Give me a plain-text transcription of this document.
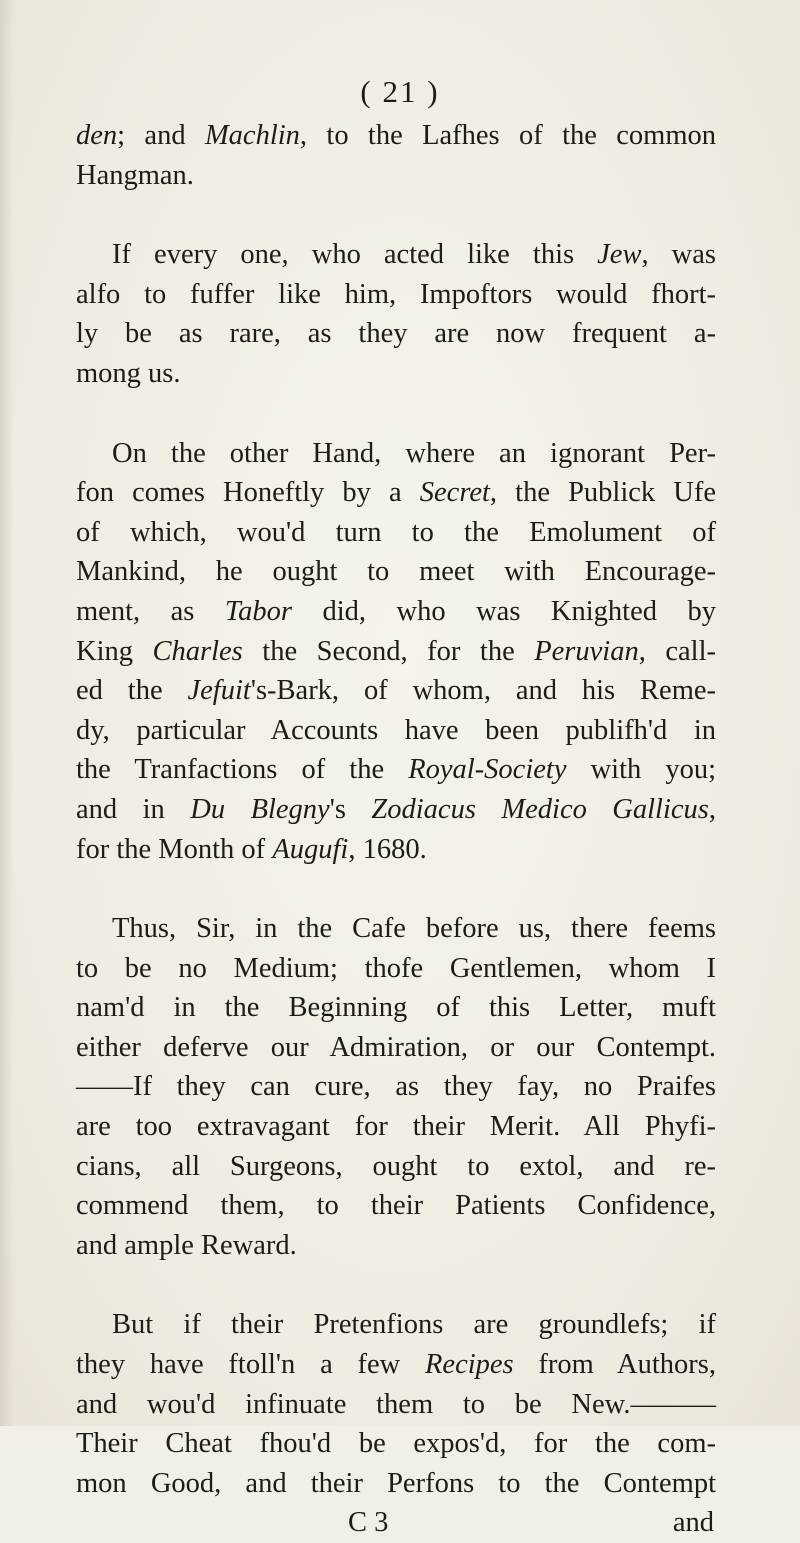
( 21 )

den; and Machlin, to the Lafhes of the common
Hangman.

If every one, who acted like this Jew, was
alfo to fuffer like him, Impoftors would fhort-
ly be as rare, as they are now frequent a-
mong us.

On the other Hand, where an ignorant Per-
fon comes Honeftly by a Secret, the Publick Ufe
of which, wou'd turn to the Emolument of
Mankind, he ought to meet with Encourage-
ment, as Tabor did, who was Knighted by
King Charles the Second, for the Peruvian, call-
ed the Jefuit's-Bark, of whom, and his Reme-
dy, particular Accounts have been publifh'd in
the Tranfactions of the Royal-Society with you;
and in Du Blegny's Zodiacus Medico Gallicus,
for the Month of Augufi, 1680.

Thus, Sir, in the Cafe before us, there feems
to be no Medium; thofe Gentlemen, whom I
nam'd in the Beginning of this Letter, muft
either deferve our Admiration, or our Contempt.
——If they can cure, as they fay, no Praifes
are too extravagant for their Merit. All Phyfi-
cians, all Surgeons, ought to extol, and re-
commend them, to their Patients Confidence,
and ample Reward.

But if their Pretenfions are groundlefs; if
they have ftoll'n a few Recipes from Authors,
and wou'd infinuate them to be New.———
Their Cheat fhou'd be expos'd, for the com-
mon Good, and their Perfons to the Contempt

C 3	and
